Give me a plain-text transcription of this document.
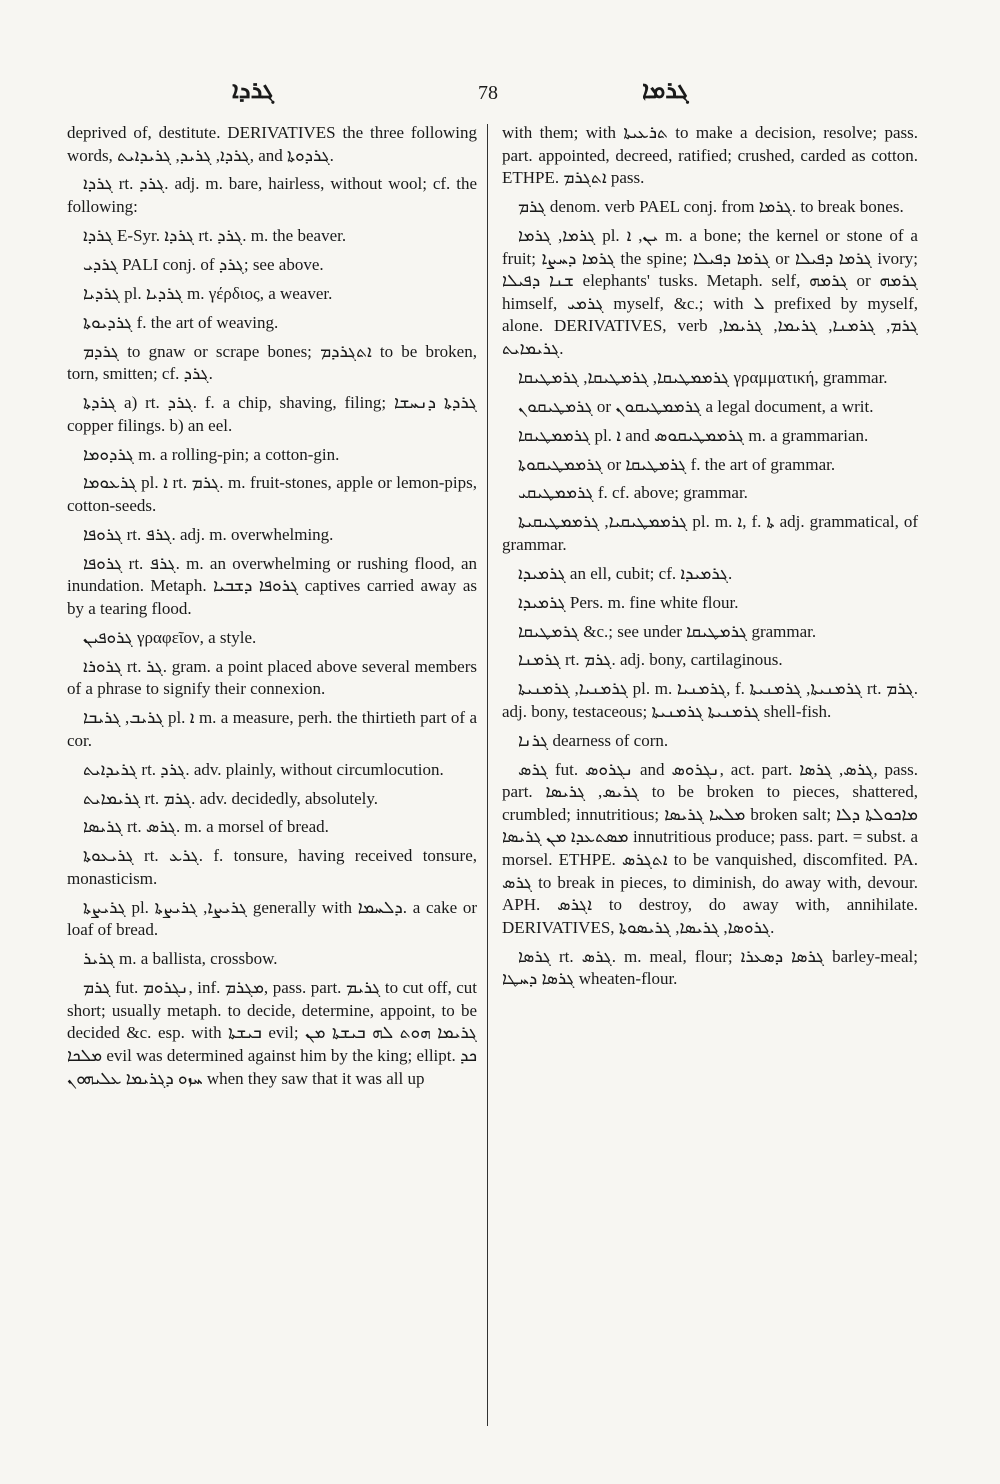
ܓܪܕܐ	78	ܓܪܡܐ

deprived of, destitute. DERIVATIVES the three following words, ܓܪܕܐ, ܓܪܝܕ, ܓܪܝܕܐܝܬ, and ܓܪܕܘܬܐ.

ܓܪܕܐ rt. ܓܪܕ. adj. m. bare, hairless, without wool; cf. the following:

ܓܪܕܐ E-Syr. ܓܪܕܐ rt. ܓܪܕ. m. the beaver.

ܓܪܕܝ PALI conj. of ܓܪܕ; see above.

ܓܪܕܝܐ pl. ܓܪܕܝܐ m. γέρδιος, a weaver.

ܓܪܕܝܘܬܐ f. the art of weaving.

ܓܪܕܡ to gnaw or scrape bones; ܐܬܓܪܕܡ to be broken, torn, smitten; cf. ܓܪܕ.

ܓܪܕܬܐ a) rt. ܓܪܕ. f. a chip, shaving, filing; ܓܪܕܬܐ ܕܢܚܫܐ copper filings. b) an eel.

ܓܪܕܘܡܐ m. a rolling-pin; a cotton-gin.

ܓܪܥܘܡܐ pl. ܐ rt. ܓܪܡ. m. fruit-stones, apple or lemon-pips, cotton-seeds.

ܓܪܘܦܐ rt. ܓܪܦ. adj. m. overwhelming.

ܓܪܘܦܐ rt. ܓܪܦ. m. an overwhelming or rushing flood, an inundation. Metaph. ܓܪܘܦܐ ܕܫܒܝܐ captives carried away as by a tearing flood.

ܓܪܘܦܝܢ γραφεῖον, a style.

ܓܪܘܪܐ rt. ܓܪ. gram. a point placed above several members of a phrase to signify their connexion.

ܓܪܝܒ, ܓܪܝܒܐ pl. ܐ m. a measure, perh. the thirtieth part of a cor.

ܓܪܝܕܐܝܬ rt. ܓܪܕ. adv. plainly, without circumlocution.

ܓܪܝܡܐܝܬ rt. ܓܪܡ. adv. decidedly, absolutely.

ܓܪܝܣܐ rt. ܓܪܣ. m. a morsel of bread.

ܓܪܝܥܘܬܐ rt. ܓܪܥ. f. tonsure, having received tonsure, monasticism.

ܓܪܝܨܬܐ pl. ܓܪܝܨܐ, ܓܪܝܨܬܐ generally with ܕܠܚܡܐ. a cake or loaf of bread.

ܓܪܝܪ m. a ballista, crossbow.

ܓܪܡ fut. ܢܓܪܘܡ, inf. ܡܓܪܡ, pass. part. ܓܪܝܡ to cut off, cut short; usually metaph. to decide, determine, appoint, to be decided &c. esp. with ܒܝܫܬܐ evil; ܓܪܝܡܐ ܗܘܬ ܠܗ ܒܝܫܬܐ ܡܢ ܡܠܟܐ evil was determined against him by the king; ellipt. ܟܕ ܚܙܘ ܕܓܪܝܡܐ ܥܠܝܗܘܢ when they saw that it was all up

with them; with ܬܪܥܝܬܐ to make a decision, resolve; pass. part. appointed, decreed, ratified; crushed, carded as cotton. ETHPE. ܐܬܓܪܡ pass.

ܓܪܡ denom. verb PAEL conj. from ܓܪܡܐ. to break bones.

ܓܪܡܐ, ܓܪܡܐ pl. ܝܢ, ܐ m. a bone; the kernel or stone of a fruit; ܓܪܡܐ ܕܚܨܐ the spine; ܓܪܡܐ ܕܦܝܠܐ or ܓܪܡܐ ܕܦܝܠܐ ivory; ܫܢܐ ܕܦܝܠܐ elephants' tusks. Metaph. self, ܓܪܡܗ or ܓܪܡܗ himself, ܓܪܡܝ myself, &c.; with ܠ prefixed by myself, alone. DERIVATIVES, verb ܓܪܡ, ܓܪܡܢܐ, ܓܪܝܡܐ, ܓܪܝܡܐ, ܓܪܝܡܐܝܬ.

ܓܪܡܡܛܝܩܐ, ܓܪܡܛܝܩܐ, ܓܪܡܛܝܩܐ γραμματική, grammar.

ܓܪܡܛܝܩܘܢ or ܓܪܡܡܛܝܩܘܢ a legal document, a writ.

ܓܪܡܡܛܝܩܐ pl. ܐ and ܓܪܡܡܛܝܩܘܣ m. a grammarian.

ܓܪܡܡܛܝܩܘܬܐ or ܓܪܡܛܝܩܐ f. the art of grammar.

ܓܪܡܡܛܝܩܝ f. cf. above; grammar.

ܓܪܡܡܛܝܩܝܐ, ܓܪܡܡܛܝܩܝܬܐ pl. m. ܐ, f. ܬܐ adj. grammatical, of grammar.

ܓܪܡܝܕܐ an ell, cubit; cf. ܓܪܡܝܕܐ.

ܓܪܡܝܕܐ Pers. m. fine white flour.

ܓܪܡܛܝܩܐ &c.; see under ܓܪܡܛܝܩܐ grammar.

ܓܪܡܢܐ rt. ܓܪܡ. adj. bony, cartilaginous.

ܓܪܡܢܝܐ, ܓܪܡܢܝܬܐ pl. m. ܓܪܡܢܝܐ, f. ܓܪܡܢܝܬܐ, ܓܪܡܢܝܬܐ rt. ܓܪܡ. adj. bony, testaceous; ܓܪܡܢܝܬܐ ܓܪܡܢܝܬܐ shell-fish.

ܓܪܢܐ dearness of corn.

ܓܪܣ fut. ܢܓܪܘܣ and ܢܓܪܘܣ, act. part. ܓܪܣ, ܓܪܣܐ, pass. part. ܓܪܝܣ, ܓܪܝܣܐ to be broken to pieces, shattered, crumbled; innutritious; ܡܠܚܐ ܓܪܝܣܐ broken salt; ܡܐܟܘܠܬܐ ܕܠܐ ܡܣܬܥܕܐ ܡܢ ܓܪܝܣܐ innutritious produce; pass. part. = subst. a morsel. ETHPE. ܐܬܓܪܣ to be vanquished, discomfited. PA. ܓܪܣ to break in pieces, to diminish, do away with, devour. APH. ܐܓܪܣ to destroy, do away with, annihilate. DERIVATIVES, ܓܪܘܣܐ, ܓܪܝܣܐ, ܓܪܝܣܘܬܐ.

ܓܪܣܐ rt. ܓܪܣ. m. meal, flour; ܓܪܣܐ ܕܣܥܪܐ barley-meal; ܓܪܣܐ ܕܚܛܐ wheaten-flour.
